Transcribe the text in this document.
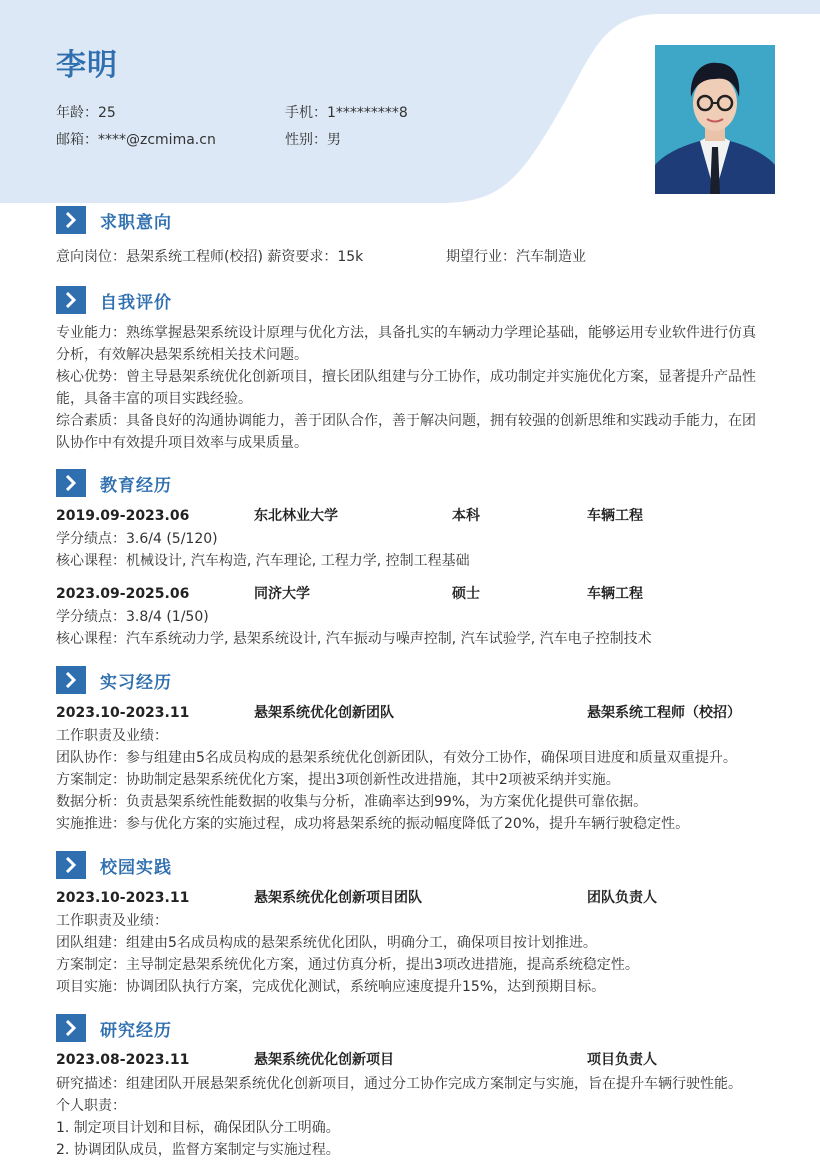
李明
年龄：25	手机：1*********8
邮箱：****@zcmima.cn	性别：男
求职意向
意向岗位：悬架系统工程师(校招) 薪资要求：15k	期望行业：汽车制造业
自我评价
专业能力：熟练掌握悬架系统设计原理与优化方法，具备扎实的车辆动力学理论基础，能够运用专业软件进行仿真分析，有效解决悬架系统相关技术问题。
核心优势：曾主导悬架系统优化创新项目，擅长团队组建与分工协作，成功制定并实施优化方案，显著提升产品性能，具备丰富的项目实践经验。
综合素质：具备良好的沟通协调能力，善于团队合作，善于解决问题，拥有较强的创新思维和实践动手能力，在团队协作中有效提升项目效率与成果质量。
教育经历
2019.09-2023.06	东北林业大学	本科	车辆工程
学分绩点：3.6/4 (5/120)
核心课程：机械设计, 汽车构造, 汽车理论, 工程力学, 控制工程基础
2023.09-2025.06	同济大学	硕士	车辆工程
学分绩点：3.8/4 (1/50)
核心课程：汽车系统动力学, 悬架系统设计, 汽车振动与噪声控制, 汽车试验学, 汽车电子控制技术
实习经历
2023.10-2023.11	悬架系统优化创新团队	悬架系统工程师（校招）
工作职责及业绩：
团队协作：参与组建由5名成员构成的悬架系统优化创新团队，有效分工协作，确保项目进度和质量双重提升。
方案制定：协助制定悬架系统优化方案，提出3项创新性改进措施，其中2项被采纳并实施。
数据分析：负责悬架系统性能数据的收集与分析，准确率达到99%，为方案优化提供可靠依据。
实施推进：参与优化方案的实施过程，成功将悬架系统的振动幅度降低了20%，提升车辆行驶稳定性。
校园实践
2023.10-2023.11	悬架系统优化创新项目团队	团队负责人
工作职责及业绩：
团队组建：组建由5名成员构成的悬架系统优化团队，明确分工，确保项目按计划推进。
方案制定：主导制定悬架系统优化方案，通过仿真分析，提出3项改进措施，提高系统稳定性。
项目实施：协调团队执行方案，完成优化测试，系统响应速度提升15%，达到预期目标。
研究经历
2023.08-2023.11	悬架系统优化创新项目	项目负责人
研究描述：组建团队开展悬架系统优化创新项目，通过分工协作完成方案制定与实施，旨在提升车辆行驶性能。
个人职责：
1. 制定项目计划和目标，确保团队分工明确。
2. 协调团队成员，监督方案制定与实施过程。
